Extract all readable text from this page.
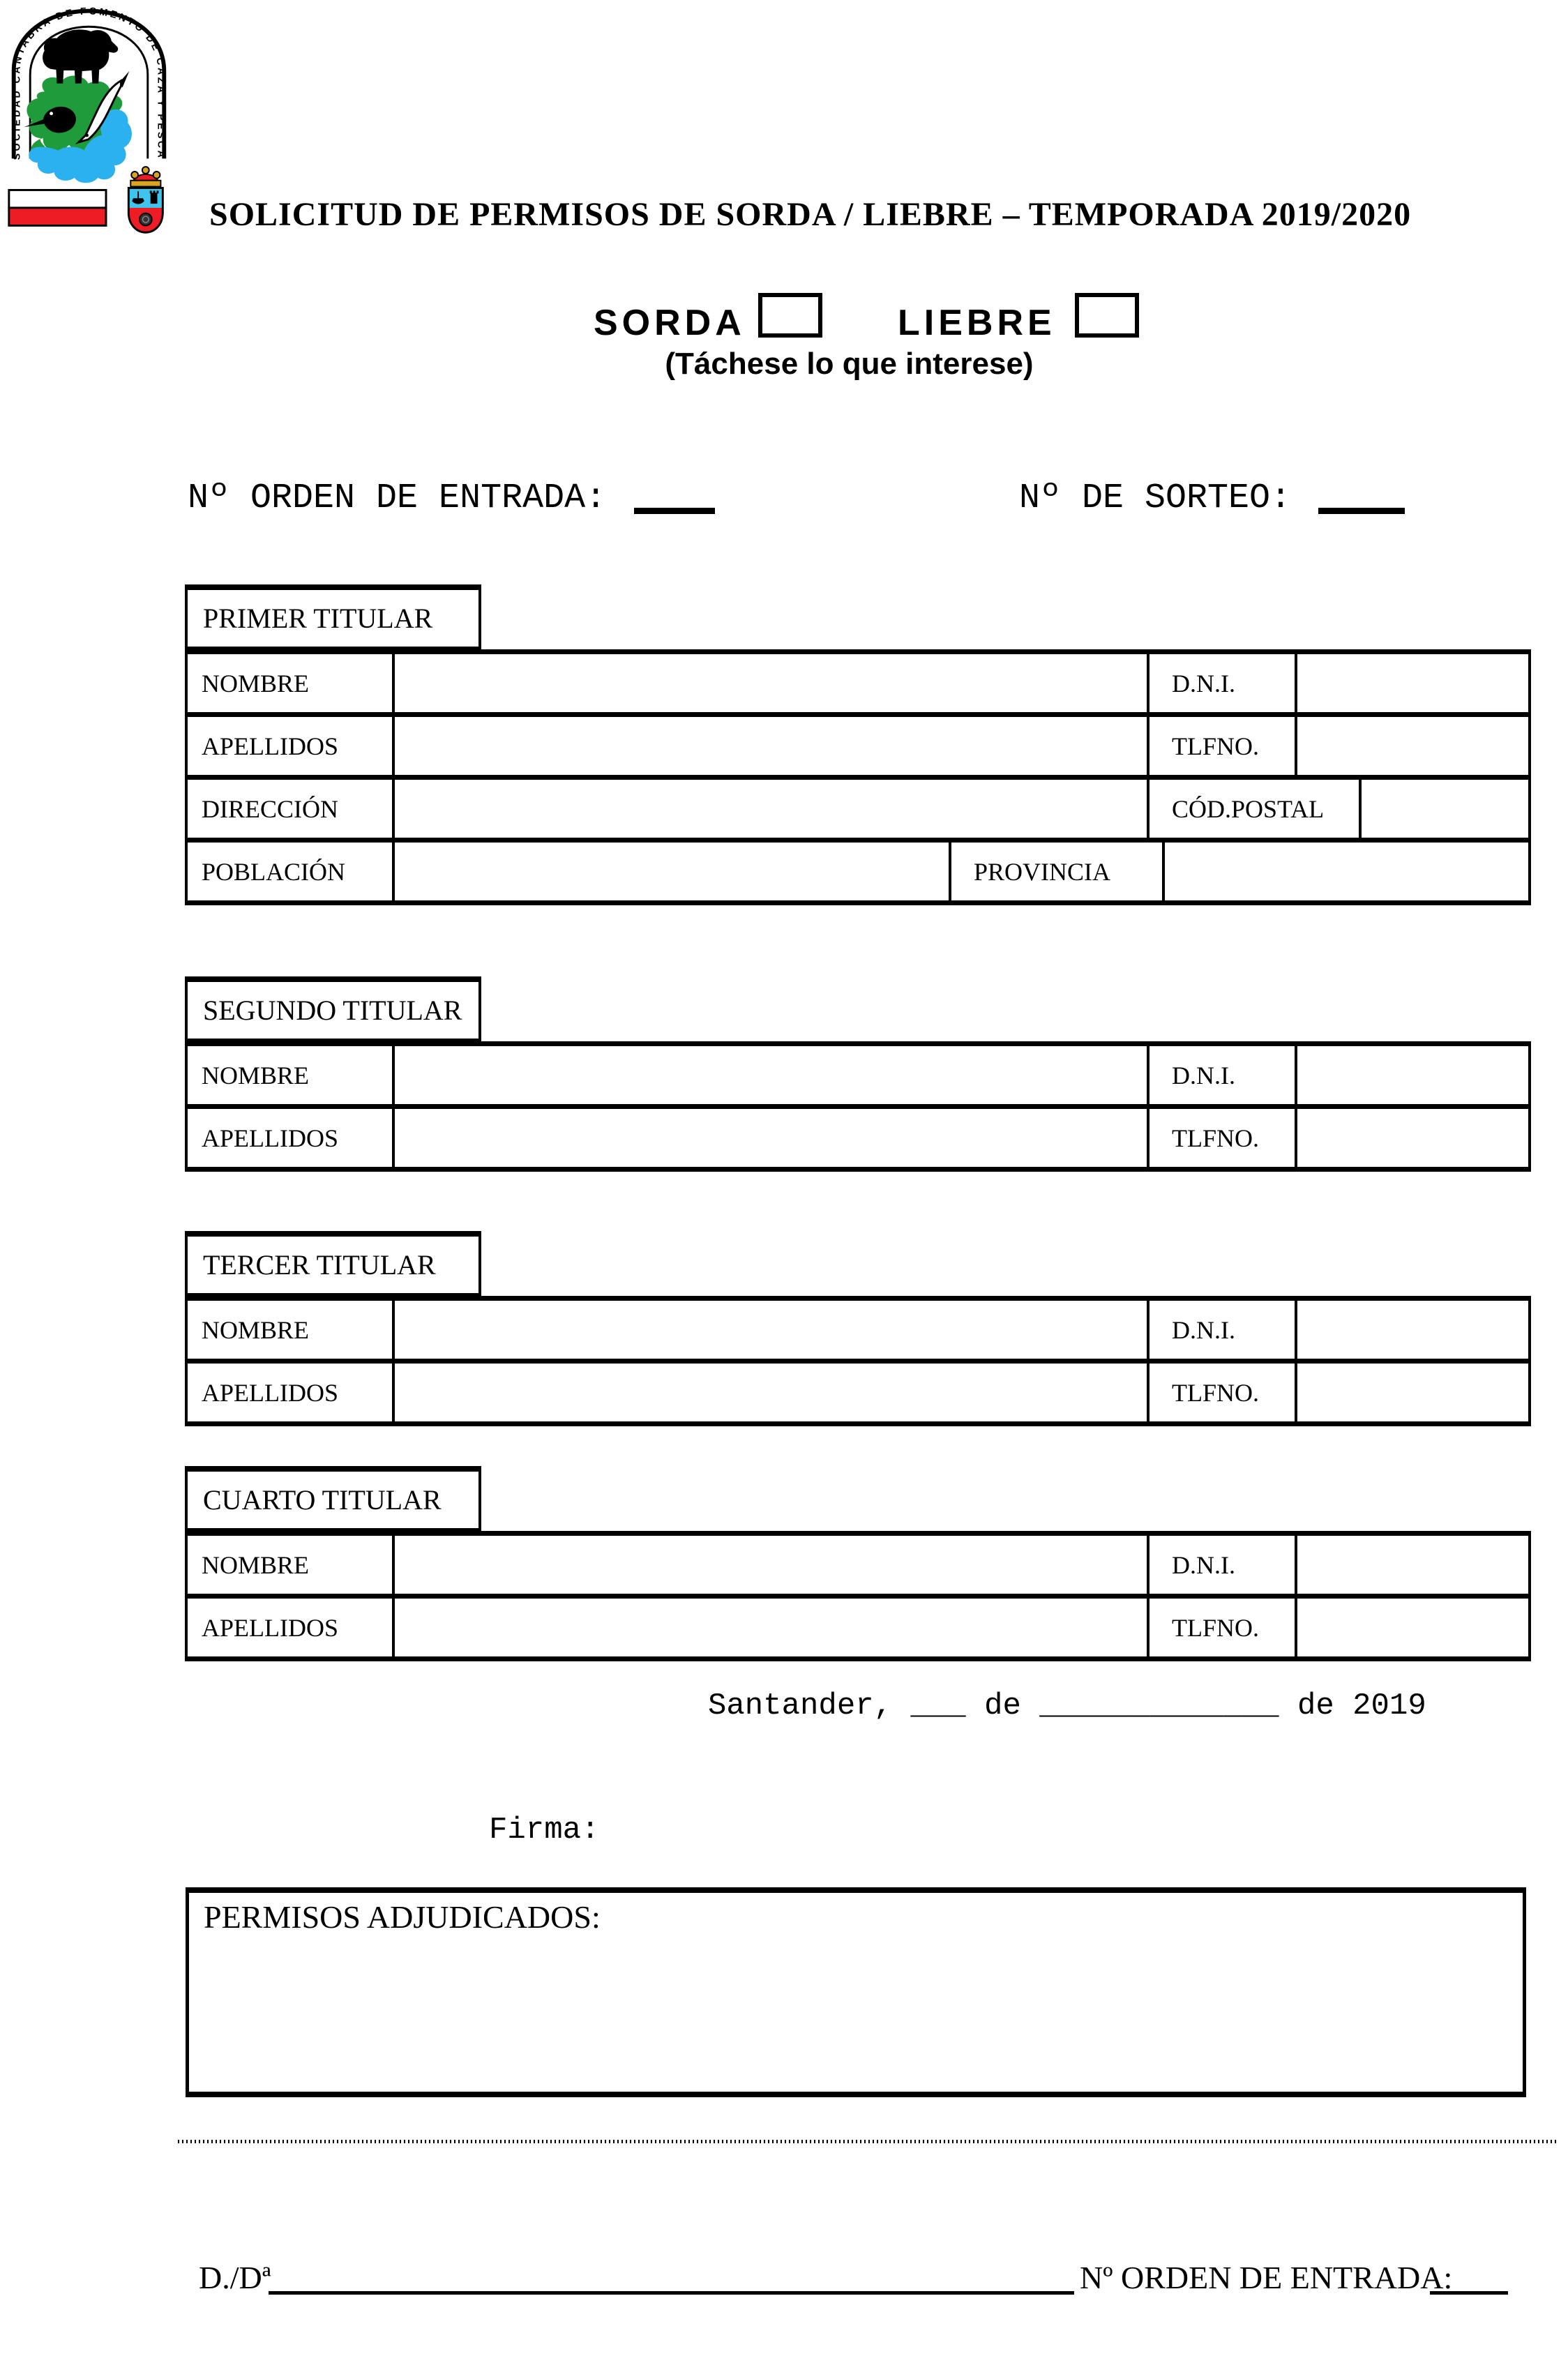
SOCIEDAD CANTABRA DE FOMENTO DE CAZA Y PESCA
SOLICITUD DE PERMISOS DE SORDA / LIEBRE – TEMPORADA 2019/2020
SORDA	LIEBRE
(Táchese lo que interese)
Nº ORDEN DE ENTRADA:	Nº DE SORTEO:
PRIMER TITULAR
NOMBRE	D.N.I.
APELLIDOS	TLFNO.
DIRECCIÓN	CÓD.POSTAL
POBLACIÓN	PROVINCIA
SEGUNDO TITULAR
NOMBRE	D.N.I.
APELLIDOS	TLFNO.
TERCER TITULAR
NOMBRE	D.N.I.
APELLIDOS	TLFNO.
CUARTO TITULAR
NOMBRE	D.N.I.
APELLIDOS	TLFNO.
Santander, ___ de _____________ de 2019
Firma:
PERMISOS ADJUDICADOS:
D./Dª	Nº ORDEN DE ENTRADA:
